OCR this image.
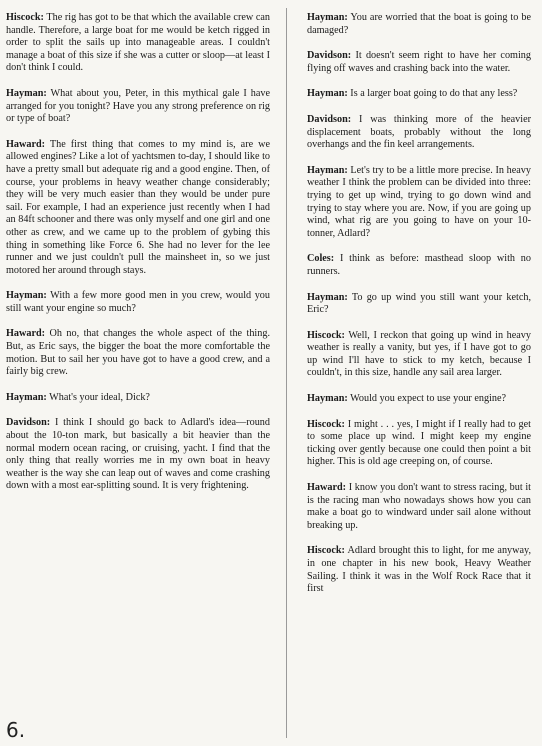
Hiscock: The rig has got to be that which the available crew can handle. Therefore, a large boat for me would be ketch rigged in order to split the sails up into manageable areas. I couldn't manage a boat of this size if she was a cutter or sloop—at least I don't think I could.

Hayman: What about you, Peter, in this mythical gale I have arranged for you tonight? Have you any strong preference on rig or type of boat?

Haward: The first thing that comes to my mind is, are we allowed engines? Like a lot of yachtsmen to-day, I should like to have a pretty small but adequate rig and a good engine. Then, of course, your problems in heavy weather change considerably; they will be very much easier than they would be under pure sail. For example, I had an experience just recently when I had an 84ft schooner and there was only myself and one girl and one other as crew, and we came up to the problem of gybing this thing in something like Force 6. She had no lever for the lee runner and we just couldn't pull the mainsheet in, so we just motored her around through stays.

Hayman: With a few more good men in you crew, would you still want your engine so much?

Haward: Oh no, that changes the whole aspect of the thing. But, as Eric says, the bigger the boat the more comfortable the motion. But to sail her you have got to have a good crew, and a fairly big crew.

Hayman: What's your ideal, Dick?

Davidson: I think I should go back to Adlard's idea—round about the 10-ton mark, but basically a bit heavier than the normal modern ocean racing, or cruising, yacht. I find that the only thing that really worries me in my own boat in heavy weather is the way she can leap out of waves and come crashing down with a most ear-splitting sound. It is very frightening.

Hayman: You are worried that the boat is going to be damaged?

Davidson: It doesn't seem right to have her coming flying off waves and crashing back into the water.

Hayman: Is a larger boat going to do that any less?

Davidson: I was thinking more of the heavier displacement boats, probably without the long overhangs and the fin keel arrangements.

Hayman: Let's try to be a little more precise. In heavy weather I think the problem can be divided into three: trying to get up wind, trying to go down wind and trying to stay where you are. Now, if you are going up wind, what rig are you going to have on your 10-tonner, Adlard?

Coles: I think as before: masthead sloop with no runners.

Hayman: To go up wind you still want your ketch, Eric?

Hiscock: Well, I reckon that going up wind in heavy weather is really a vanity, but yes, if I have got to go up wind I'll have to stick to my ketch, because I couldn't, in this size, handle any sail area larger.

Hayman: Would you expect to use your engine?

Hiscock: I might . . . yes, I might if I really had to get to some place up wind. I might keep my engine ticking over gently because one could then point a bit higher. This is old age creeping on, of course.

Haward: I know you don't want to stress racing, but it is the racing man who nowadays shows how you can make a boat go to windward under sail alone without breaking up.

Hiscock: Adlard brought this to light, for me anyway, in one chapter in his new book, Heavy Weather Sailing. I think it was in the Wolf Rock Race that it first

6.
